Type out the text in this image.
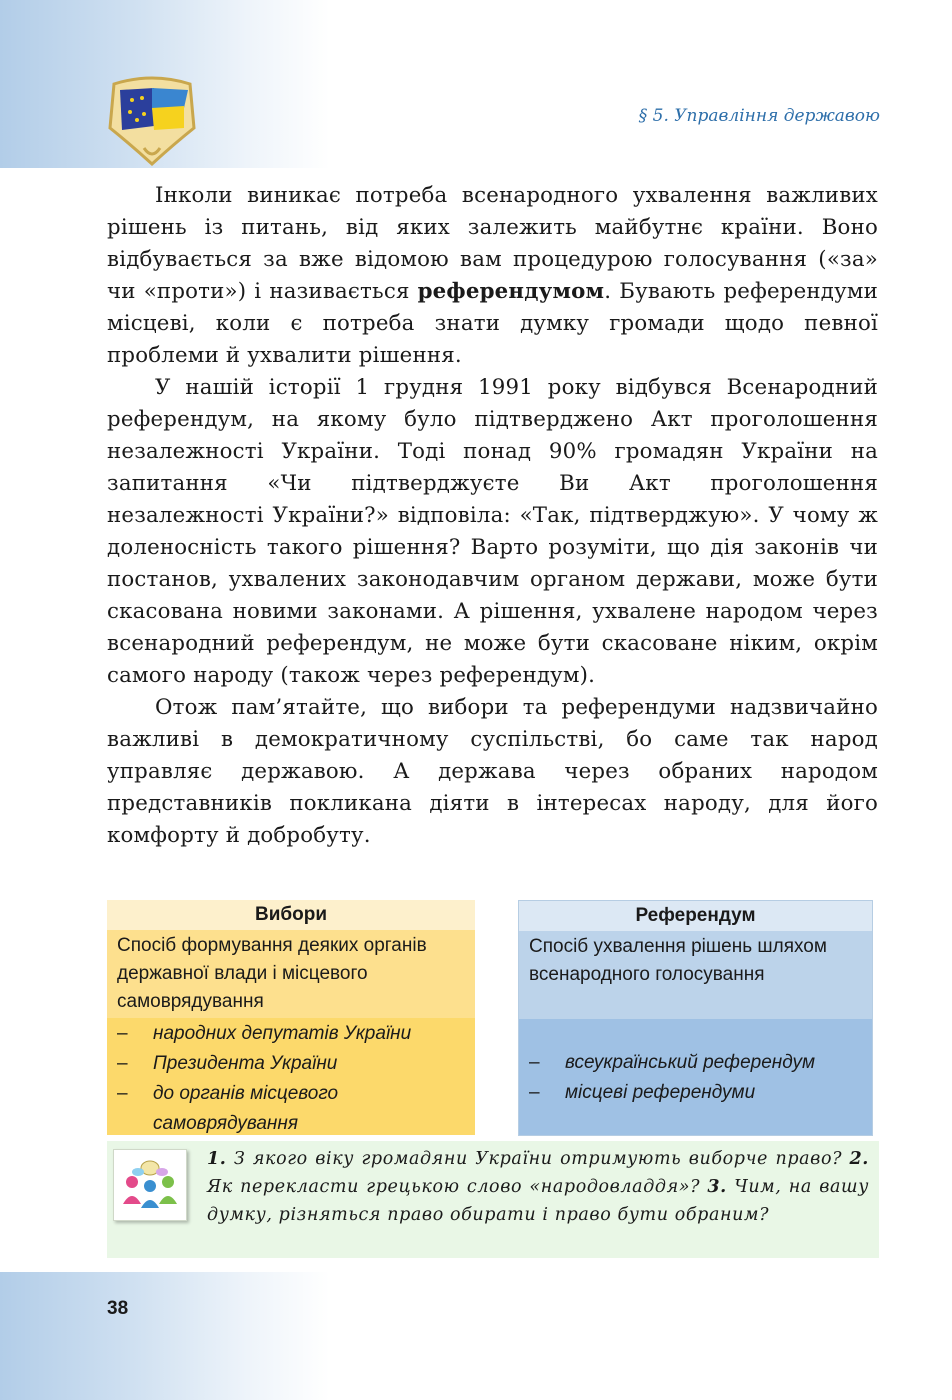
§ 5. Управління державою

Інколи виникає потреба всенародного ухвалення важливих рішень із питань, від яких залежить майбутнє країни. Воно відбувається за вже відомою вам процедурою голосування («за» чи «проти») і називається референдумом. Бувають референдуми місцеві, коли є потреба знати думку громади щодо певної проблеми й ухвалити рішення.

У нашій історії 1 грудня 1991 року відбувся Всенародний референдум, на якому було підтверджено Акт проголошення незалежності України. Тоді понад 90% громадян України на запитання «Чи підтверджуєте Ви Акт проголошення незалежності України?» відповіла: «Так, підтверджую». У чому ж доленосність такого рішення? Варто розуміти, що дія законів чи постанов, ухвалених законодавчим органом держави, може бути скасована новими законами. А рішення, ухвалене народом через всенародний референдум, не може бути скасоване ніким, окрім самого народу (також через референдум).

Отож пам’ятайте, що вибори та референдуми надзвичайно важливі в демократичному суспільстві, бо саме так народ управляє державою. А держава через обраних народом представників покликана діяти в інтересах народу, для його комфорту й добробуту.

Вибори
Спосіб формування деяких органів державної влади і місцевого самоврядування
– народних депутатів України
– Президента України
– до органів місцевого самоврядування
Референдум
Спосіб ухвалення рішень шляхом всенародного голосування
– всеукраїнський референдум
– місцеві референдуми

1. З якого віку громадяни України отримують виборче право? 2. Як перекласти грецькою слово «народовладдя»? 3. Чим, на вашу думку, різняться право обирати і право бути обраним?

38
